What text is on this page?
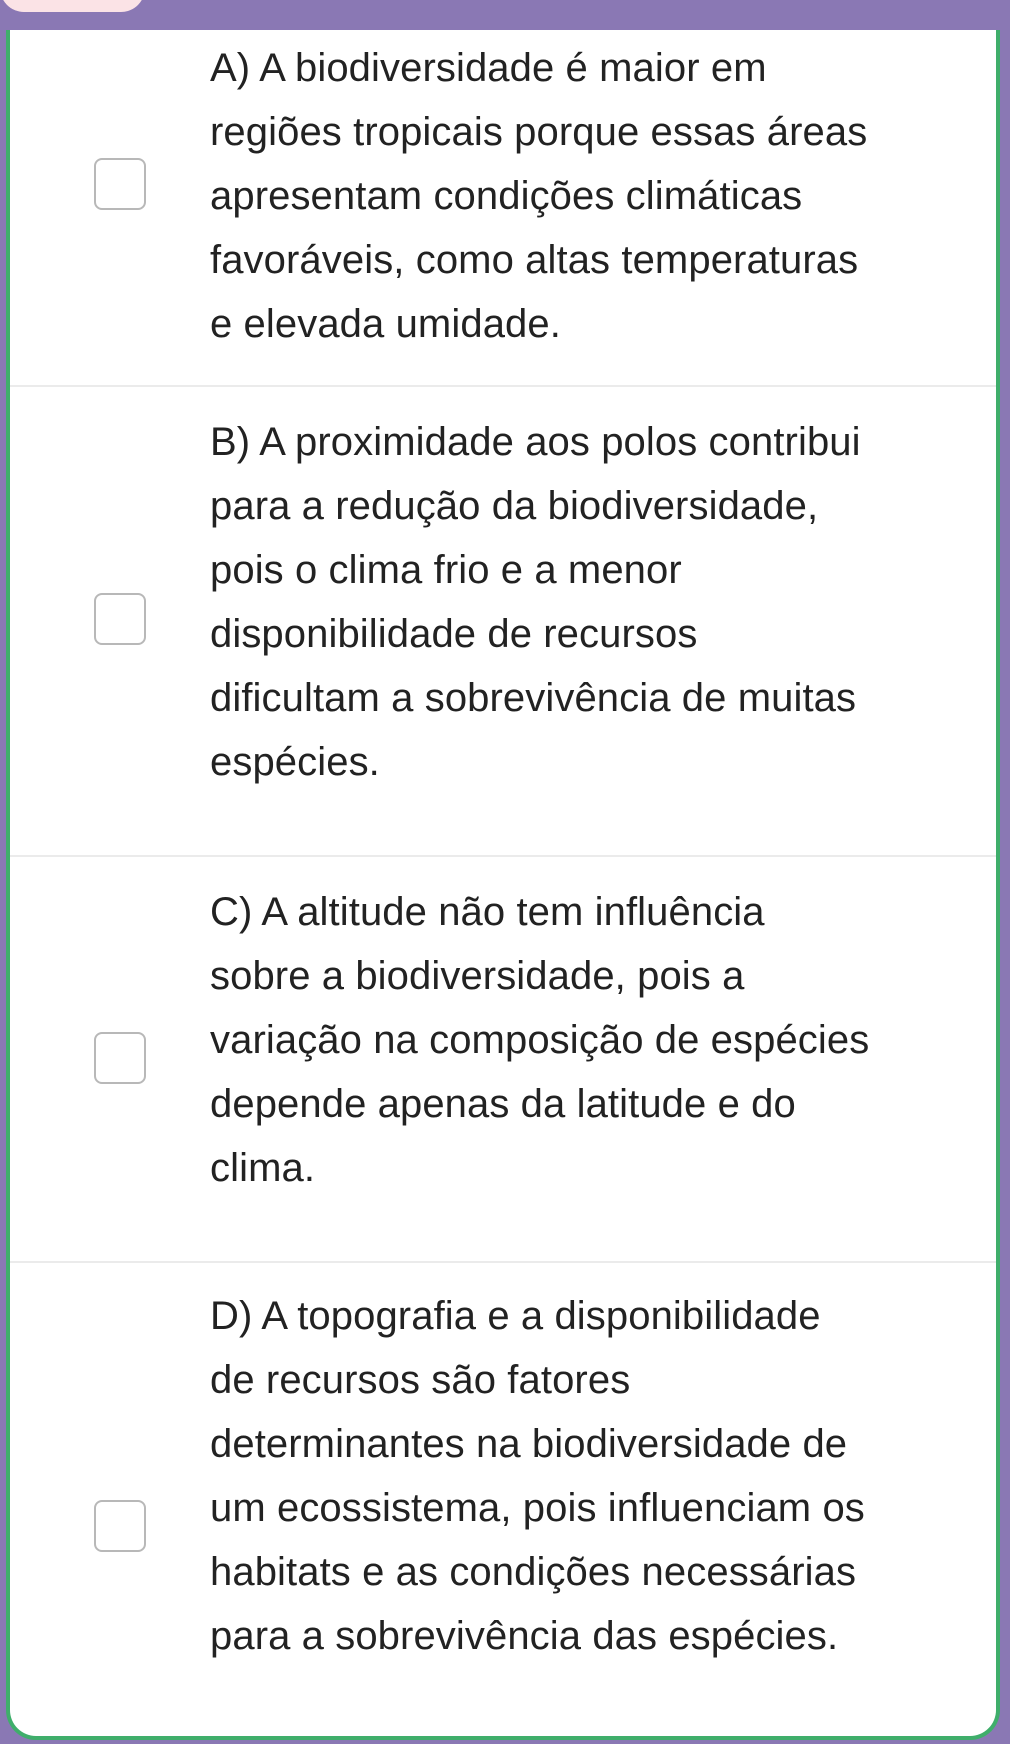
A) A biodiversidade é maior em
regiões tropicais porque essas áreas
apresentam condições climáticas
favoráveis, como altas temperaturas
e elevada umidade.

B) A proximidade aos polos contribui
para a redução da biodiversidade,
pois o clima frio e a menor
disponibilidade de recursos
dificultam a sobrevivência de muitas
espécies.

C) A altitude não tem influência
sobre a biodiversidade, pois a
variação na composição de espécies
depende apenas da latitude e do
clima.

D) A topografia e a disponibilidade
de recursos são fatores
determinantes na biodiversidade de
um ecossistema, pois influenciam os
habitats e as condições necessárias
para a sobrevivência das espécies.
